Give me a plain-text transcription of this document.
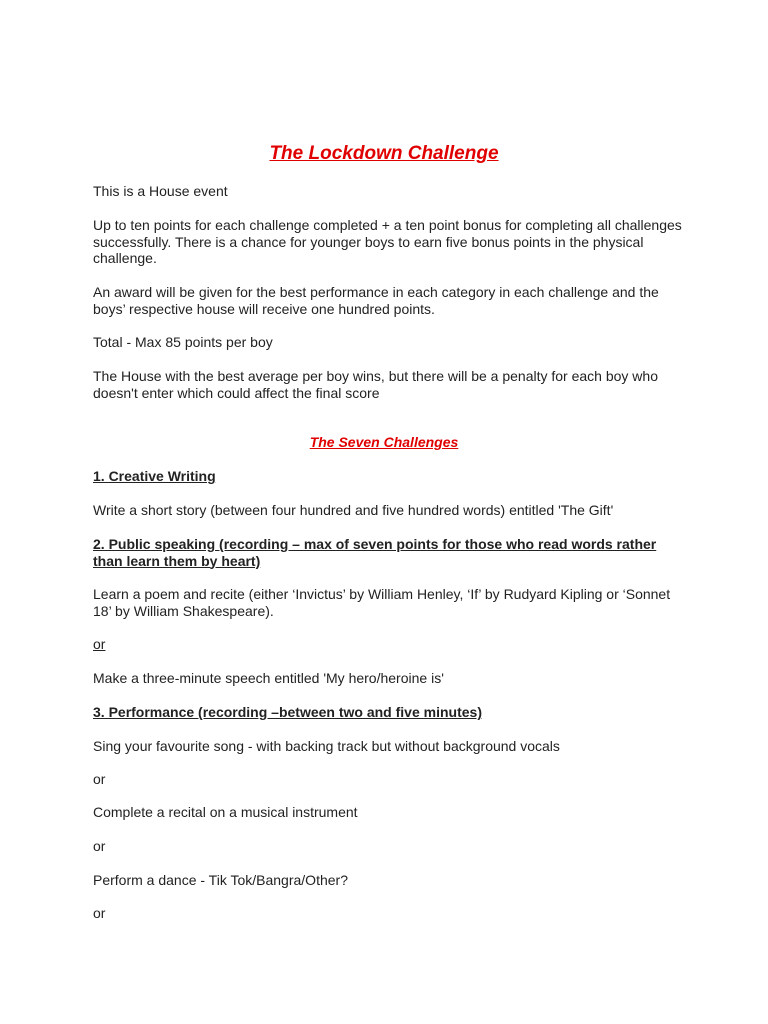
The Lockdown Challenge

This is a House event

Up to ten points for each challenge completed + a ten point bonus for completing all challenges successfully. There is a chance for younger boys to earn five bonus points in the physical challenge.

An award will be given for the best performance in each category in each challenge and the boys’ respective house will receive one hundred points.

Total - Max 85 points per boy

The House with the best average per boy wins, but there will be a penalty for each boy who doesn't enter which could affect the final score

The Seven Challenges

1. Creative Writing

Write a short story (between four hundred and five hundred words) entitled 'The Gift'

2. Public speaking (recording – max of seven points for those who read words rather than learn them by heart)

Learn a poem and recite (either ‘Invictus’ by William Henley, ‘If’ by Rudyard Kipling or ‘Sonnet 18’ by William Shakespeare).

or

Make a three-minute speech entitled 'My hero/heroine is'

3. Performance (recording –between two and five minutes)

Sing your favourite song - with backing track but without background vocals

or

Complete a recital on a musical instrument

or

Perform a dance - Tik Tok/Bangra/Other?

or
